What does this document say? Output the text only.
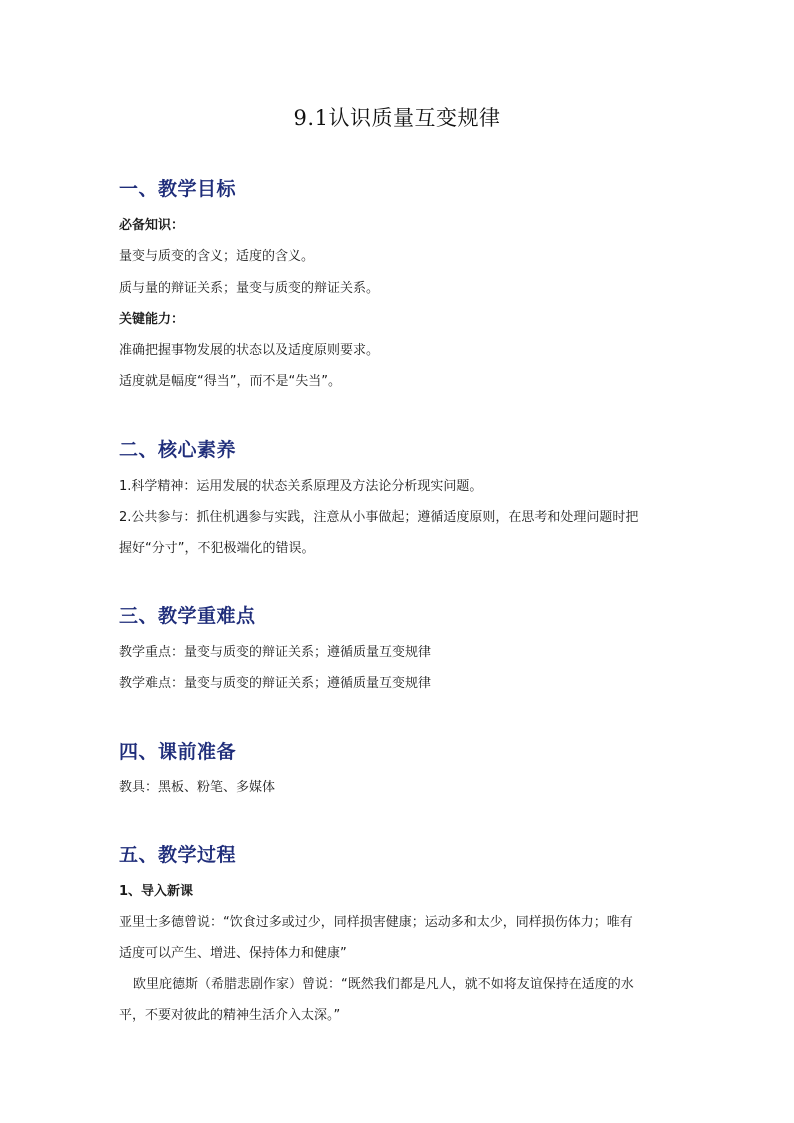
9.1认识质量互变规律
一、教学目标
必备知识：
量变与质变的含义；适度的含义。
质与量的辩证关系；量变与质变的辩证关系。
关键能力：
准确把握事物发展的状态以及适度原则要求。
适度就是幅度“得当”，而不是“失当”。
二、核心素养
1.科学精神：运用发展的状态关系原理及方法论分析现实问题。
2.公共参与：抓住机遇参与实践，注意从小事做起；遵循适度原则，在思考和处理问题时把
握好“分寸”，不犯极端化的错误。
三、教学重难点
教学重点：量变与质变的辩证关系；遵循质量互变规律
教学难点：量变与质变的辩证关系；遵循质量互变规律
四、课前准备
教具：黑板、粉笔、多媒体
五、教学过程
1、导入新课
亚里士多德曾说：“饮食过多或过少，同样损害健康；运动多和太少，同样损伤体力；唯有
适度可以产生、增进、保持体力和健康”
欧里庇德斯（希腊悲剧作家）曾说：“既然我们都是凡人，就不如将友谊保持在适度的水
平，不要对彼此的精神生活介入太深。”
